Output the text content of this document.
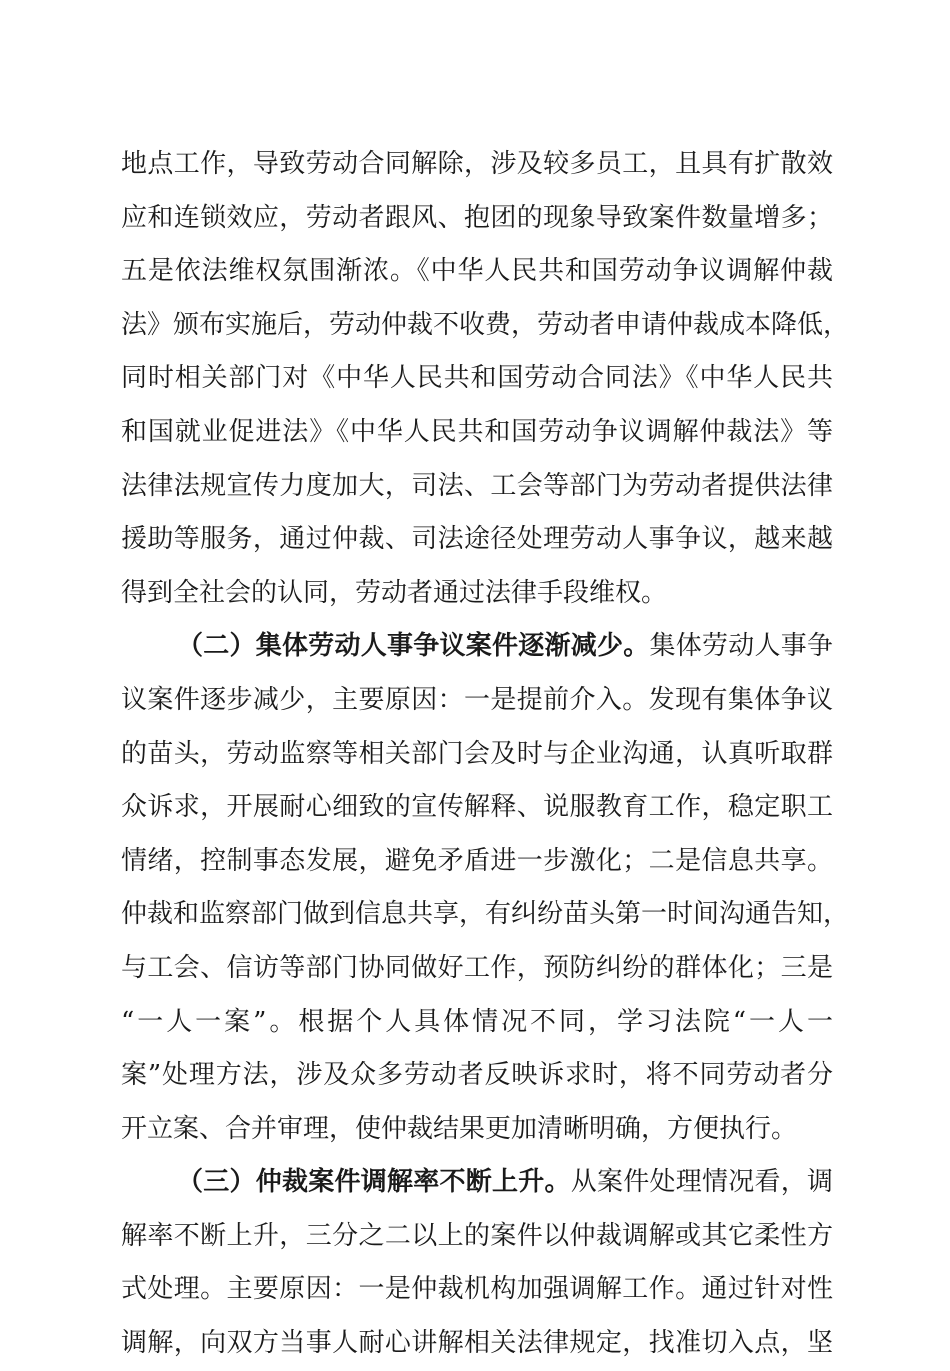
地点工作，导致劳动合同解除，涉及较多员工，且具有扩散效
应和连锁效应，劳动者跟风、抱团的现象导致案件数量增多；
五是依法维权氛围渐浓。《中华人民共和国劳动争议调解仲裁
法》颁布实施后，劳动仲裁不收费，劳动者申请仲裁成本降低，
同时相关部门对《中华人民共和国劳动合同法》《中华人民共
和国就业促进法》《中华人民共和国劳动争议调解仲裁法》等
法律法规宣传力度加大，司法、工会等部门为劳动者提供法律
援助等服务，通过仲裁、司法途径处理劳动人事争议，越来越
得到全社会的认同，劳动者通过法律手段维权。
（二）集体劳动人事争议案件逐渐减少。集体劳动人事争
议案件逐步减少，主要原因：一是提前介入。发现有集体争议
的苗头，劳动监察等相关部门会及时与企业沟通，认真听取群
众诉求，开展耐心细致的宣传解释、说服教育工作，稳定职工
情绪，控制事态发展，避免矛盾进一步激化；二是信息共享。
仲裁和监察部门做到信息共享，有纠纷苗头第一时间沟通告知，
与工会、信访等部门协同做好工作，预防纠纷的群体化；三是
“一人一案”。根据个人具体情况不同，学习法院“一人一
案”处理方法，涉及众多劳动者反映诉求时，将不同劳动者分
开立案、合并审理，使仲裁结果更加清晰明确，方便执行。
（三）仲裁案件调解率不断上升。从案件处理情况看，调
解率不断上升，三分之二以上的案件以仲裁调解或其它柔性方
式处理。主要原因：一是仲裁机构加强调解工作。通过针对性
调解，向双方当事人耐心讲解相关法律规定，找准切入点，坚
